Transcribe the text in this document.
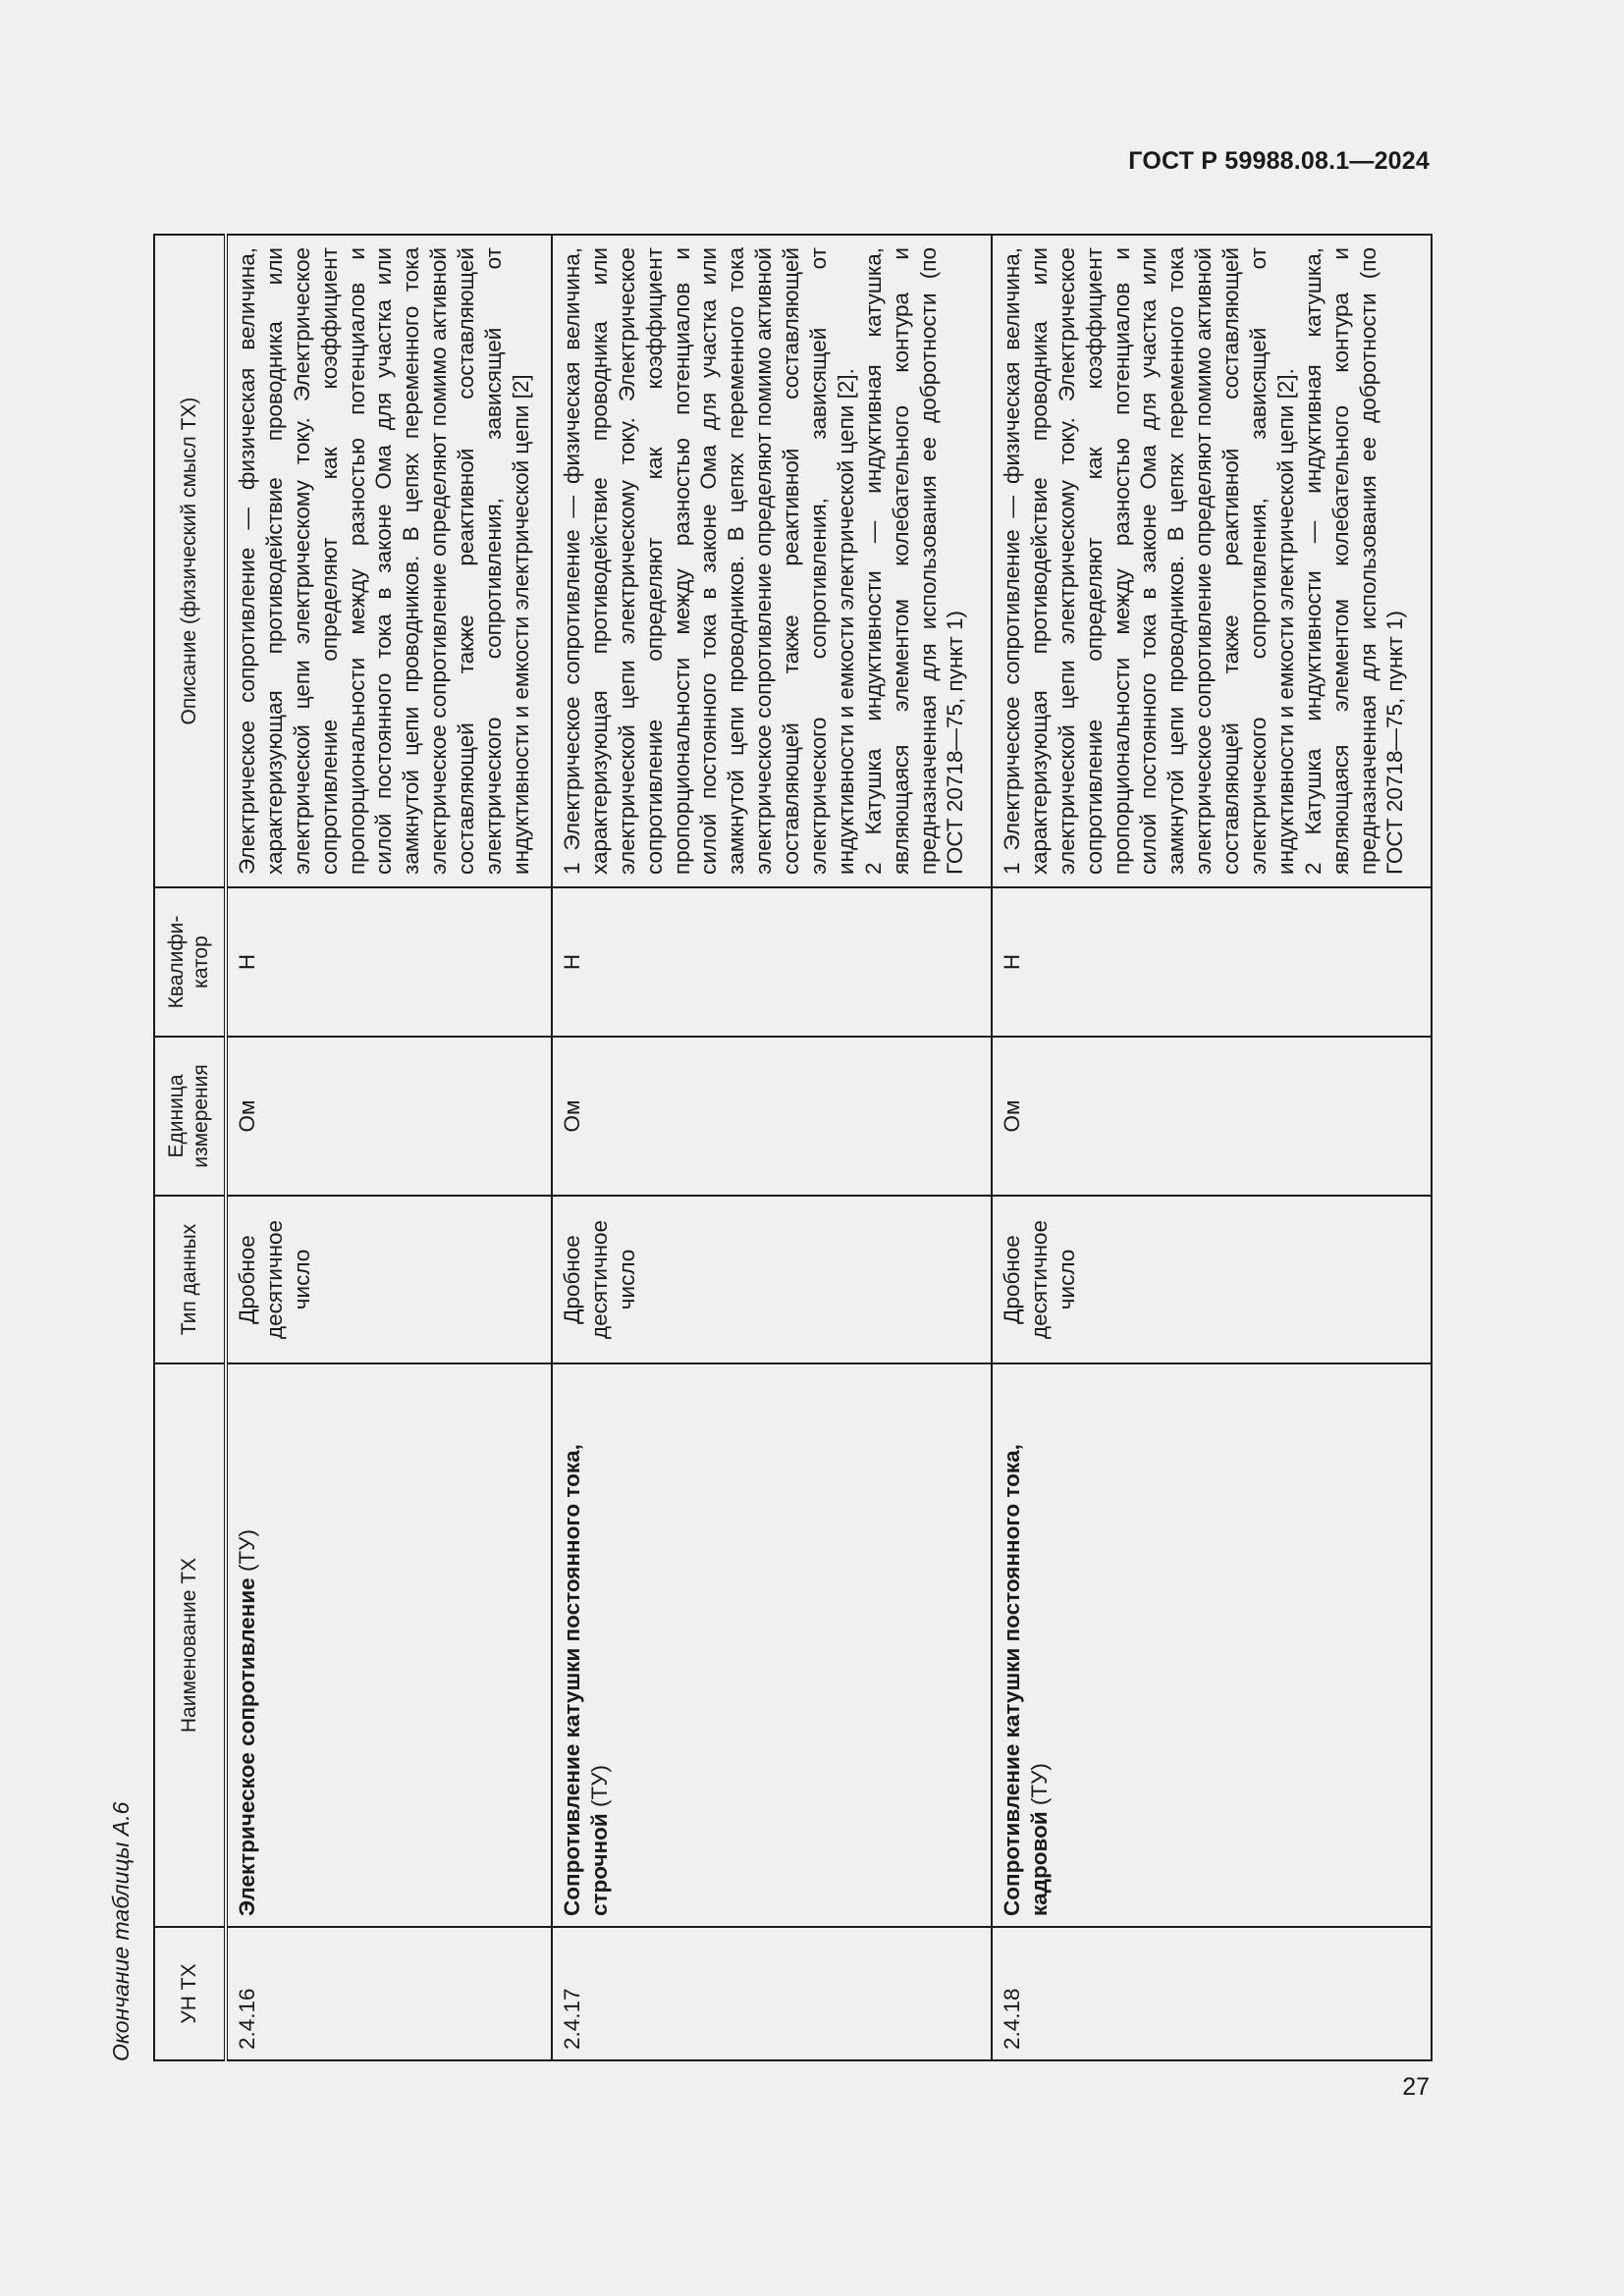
ГОСТ Р 59988.08.1—2024
Окончание таблицы А.6 УН ТХ	Наименование ТХ	Тип данных	Единица измерения	Квалифи-катор	Описание (физический смысл ТХ)
2.4.16	Электрическое сопротивление (ТУ)	Дробное десятичное число	Ом	Н	Электрическое сопротивление — физическая величина, характеризующая противодействие проводника или электрической цепи электрическому току. Электрическое сопротивление определяют как коэффициент пропорциональности между разностью потенциалов и силой постоянного тока в законе Ома для участка или замкнутой цепи проводников. В цепях переменного тока электрическое сопротивление определяют помимо активной составляющей также реактивной составляющей электрического сопротивления, зависящей от индуктивности и емкости электрической цепи [2]
2.4.17	Сопротивление катушки постоянного тока, строчной (ТУ)	Дробное десятичное число	Ом	Н	1 Электрическое сопротивление — физическая величина, характеризующая противодействие проводника или электрической цепи электрическому току. Электрическое сопротивление определяют как коэффициент пропорциональности между разностью потенциалов и силой постоянного тока в законе Ома для участка или замкнутой цепи проводников. В цепях переменного тока электрическое сопротивление определяют помимо активной составляющей также реактивной составляющей электрического сопротивления, зависящей от индуктивности и емкости электрической цепи [2]. 2 Катушка индуктивности — индуктивная катушка, являющаяся элементом колебательного контура и предназначенная для использования ее добротности (по ГОСТ 20718—75, пункт 1)

2.4.18	Сопротивление катушки постоянного тока, кадровой (ТУ)	Дробное десятичное число	Ом	Н	1 Электрическое сопротивление — физическая величина, характеризующая противодействие проводника или электрической цепи электрическому току. Электрическое сопротивление определяют как коэффициент пропорциональности между разностью потенциалов и силой постоянного тока в законе Ома для участка или замкнутой цепи проводников. В цепях переменного тока электрическое сопротивление определяют помимо активной составляющей также реактивной составляющей электрического сопротивления, зависящей от индуктивности и емкости электрической цепи [2]. 2 Катушка индуктивности — индуктивная катушка, являющаяся элементом колебательного контура и предназначенная для использования ее добротности (по ГОСТ 20718—75, пункт 1)
27
